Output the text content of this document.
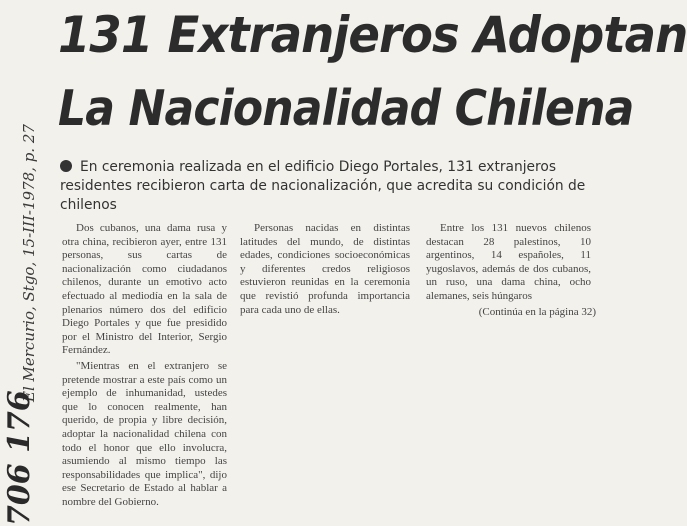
El Mercurio, Stgo, 15-III-1978, p. 27
706 176
131 Extranjeros Adoptan
La Nacionalidad Chilena
En ceremonia realizada en el edificio Diego Portales, 131 extranjeros residentes recibieron carta de nacionalización, que acredita su condición de chilenos

Dos cubanos, una dama rusa y otra china, recibieron ayer, entre 131 personas, sus cartas de nacionalización como ciudadanos chilenos, durante un emotivo acto efectuado al mediodía en la sala de plenarios número dos del edificio Diego Portales y que fue presidido por el Ministro del Interior, Sergio Fernández.

"Mientras en el extranjero se pretende mostrar a este país como un ejemplo de inhumanidad, ustedes que lo conocen realmente, han querido, de propia y libre decisión, adoptar la nacionalidad chilena con todo el honor que ello involucra, asumiendo al mismo tiempo las responsabilidades que implica", dijo ese Secretario de Estado al hablar a nombre del Gobierno.

Personas nacidas en distintas latitudes del mundo, de distintas edades, condiciones socioeconómicas y diferentes credos religiosos estuvieron reunidas en la ceremonia que revistió profunda importancia para cada uno de ellas.

Entre los 131 nuevos chilenos destacan 28 palestinos, 10 argentinos, 14 españoles, 11 yugoslavos, además de dos cubanos, un ruso, una dama china, ocho alemanes, seis húngaros

(Continúa en la página 32)
